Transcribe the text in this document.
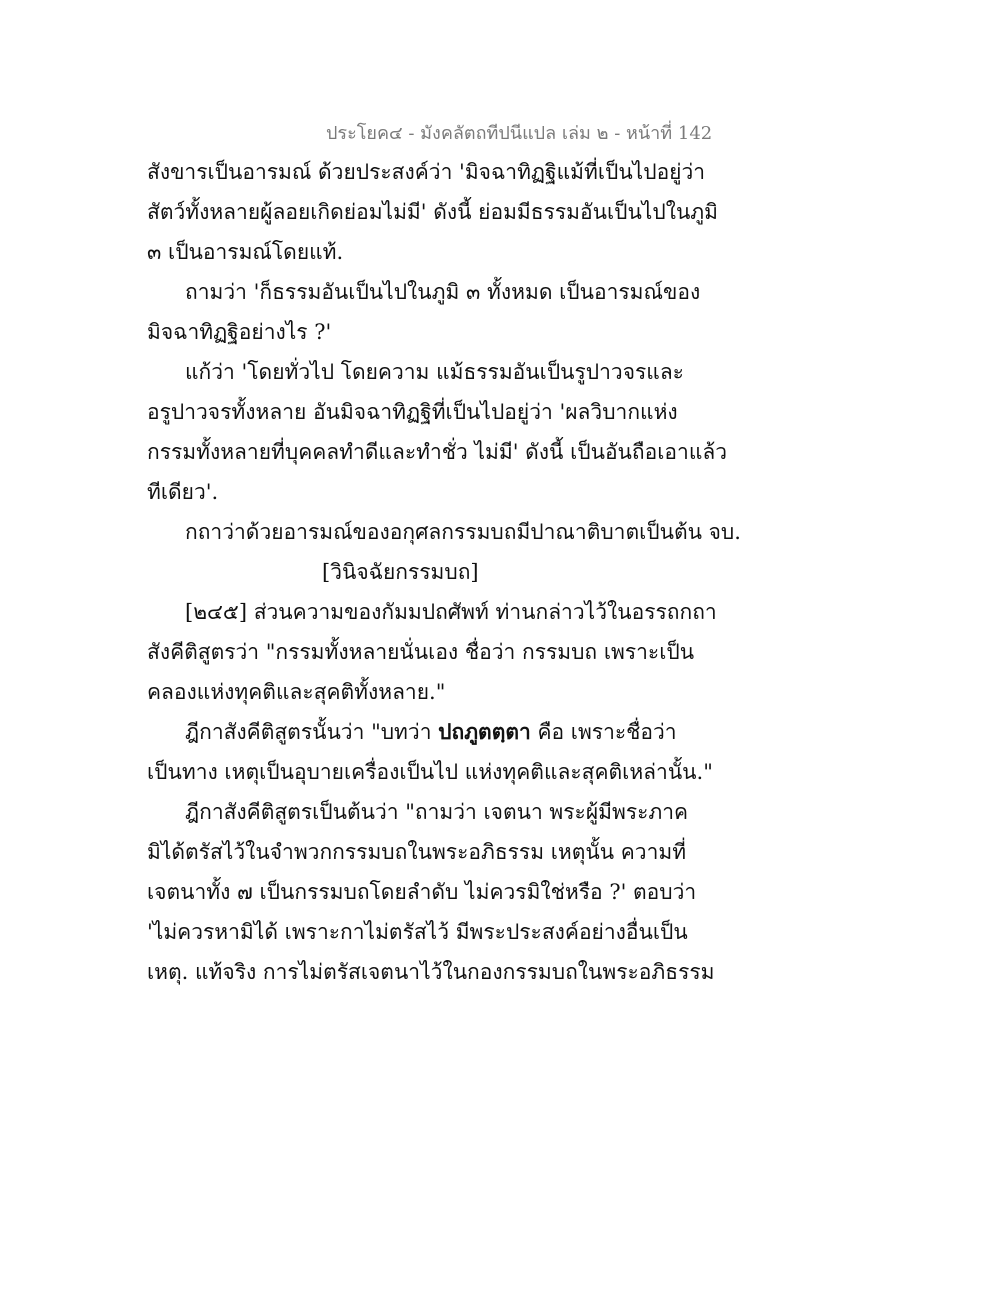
ประโยค๔ - มังคลัตถทีปนีแปล เล่ม ๒ - หน้าที่ 142
สังขารเป็นอารมณ์ ด้วยประสงค์ว่า 'มิจฉาทิฏฐิแม้ที่เป็นไปอยู่ว่า
สัตว์ทั้งหลายผู้ลอยเกิดย่อมไม่มี' ดังนี้ ย่อมมีธรรมอันเป็นไปในภูมิ
๓ เป็นอารมณ์โดยแท้.
ถามว่า 'ก็ธรรมอันเป็นไปในภูมิ ๓ ทั้งหมด เป็นอารมณ์ของ
มิจฉาทิฏฐิอย่างไร ?'
แก้ว่า 'โดยทั่วไป โดยความ แม้ธรรมอันเป็นรูปาวจรและ
อรูปาวจรทั้งหลาย อันมิจฉาทิฏฐิที่เป็นไปอยู่ว่า 'ผลวิบากแห่ง
กรรมทั้งหลายที่บุคคลทำดีและทำชั่ว ไม่มี' ดังนี้ เป็นอันถือเอาแล้ว
ทีเดียว'.
กถาว่าด้วยอารมณ์ของอกุศลกรรมบถมีปาณาติบาตเป็นต้น จบ.
[วินิจฉัยกรรมบถ]
[๒๔๕] ส่วนความของกัมมปถศัพท์ ท่านกล่าวไว้ในอรรถกถา
สังคีติสูตรว่า "กรรมทั้งหลายนั่นเอง ชื่อว่า กรรมบถ เพราะเป็น
คลองแห่งทุคติและสุคติทั้งหลาย."
ฎีกาสังคีติสูตรนั้นว่า "บทว่า ปถภูตตฺตา คือ เพราะชื่อว่า
เป็นทาง เหตุเป็นอุบายเครื่องเป็นไป แห่งทุคติและสุคติเหล่านั้น."
ฎีกาสังคีติสูตรเป็นต้นว่า "ถามว่า เจตนา พระผู้มีพระภาค
มิได้ตรัสไว้ในจำพวกกรรมบถในพระอภิธรรม เหตุนั้น ความที่
เจตนาทั้ง ๗ เป็นกรรมบถโดยลำดับ ไม่ควรมิใช่หรือ ?' ตอบว่า
'ไม่ควรหามิได้ เพราะกาไม่ตรัสไว้ มีพระประสงค์อย่างอื่นเป็น
เหตุ. แท้จริง การไม่ตรัสเจตนาไว้ในกองกรรมบถในพระอภิธรรม
